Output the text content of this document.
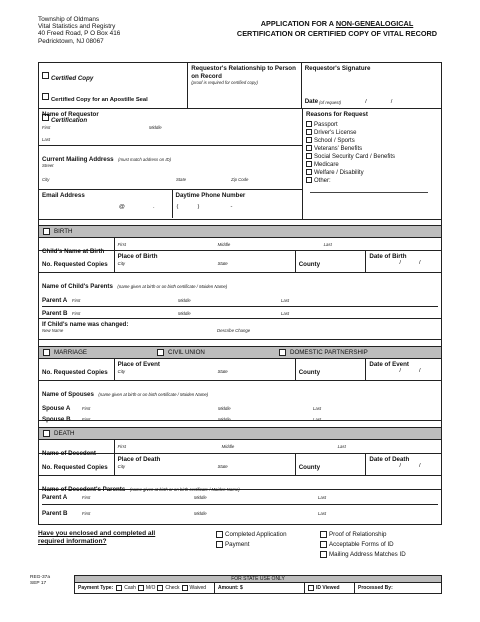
Township of Oldmans
Vital Statistics and Registry
40 Freed Road, P O Box 416
Pedricktown, NJ 08067
APPLICATION FOR A NON-GENEALOGICAL
CERTIFICATION OR CERTIFIED COPY OF VITAL RECORD
Certified Copy
Certified Copy for an Apostille Seal
Certification
Requestor's Relationship to Person on Record
(proof is required for certified copy)
Requestor's Signature
Date (of request)	/	/
Name of Requestor
First	Middle
Last
Current Mailing Address (must match address on ID)
Street
City	State	Zip Code
Email Address
@	.
Daytime Phone Number
(	)	-
Reasons for Request
Passport
Driver's License
School / Sports
Veterans' Benefits
Social Security Card / Benefits
Medicare
Welfare / Disability
Other:
BIRTH
Child's Name at Birth
First	Middle	Last
No. Requested Copies
Place of Birth
City	State	County
Date of Birth
/	/
Name of Child's Parents (name given at birth or on birth certificate / Maiden Name)
Parent A	First	Middle	Last
Parent B	First	Middle	Last
If Child's name was changed:
New Name	Describe Change
MARRIAGE	CIVIL UNION	DOMESTIC PARTNERSHIP
No. Requested Copies
Place of Event
City	State	County
Date of Event
/	/
Name of Spouses (name given at birth or on birth certificate / Maiden Name)
Spouse A	First	Middle	Last
Spouse B	First	Middle	Last
DEATH
Name of Decedent
First	Middle	Last
No. Requested Copies
Place of Death
City	State	County
Date of Death
/	/
Name of Decedent's Parents (name given at birth or on birth certificate / Maiden Name)
Parent A	First	Middle	Last
Parent B	First	Middle	Last
Have you enclosed and completed all
required information?
Completed Application
Payment
Proof of Relationship
Acceptable Forms of ID
Mailing Address Matches ID
REG-37a
SEP 17
FOR STATE USE ONLY
Payment Type: Cash M/O Check Waived Amount: $	ID Viewed	Processed By:
